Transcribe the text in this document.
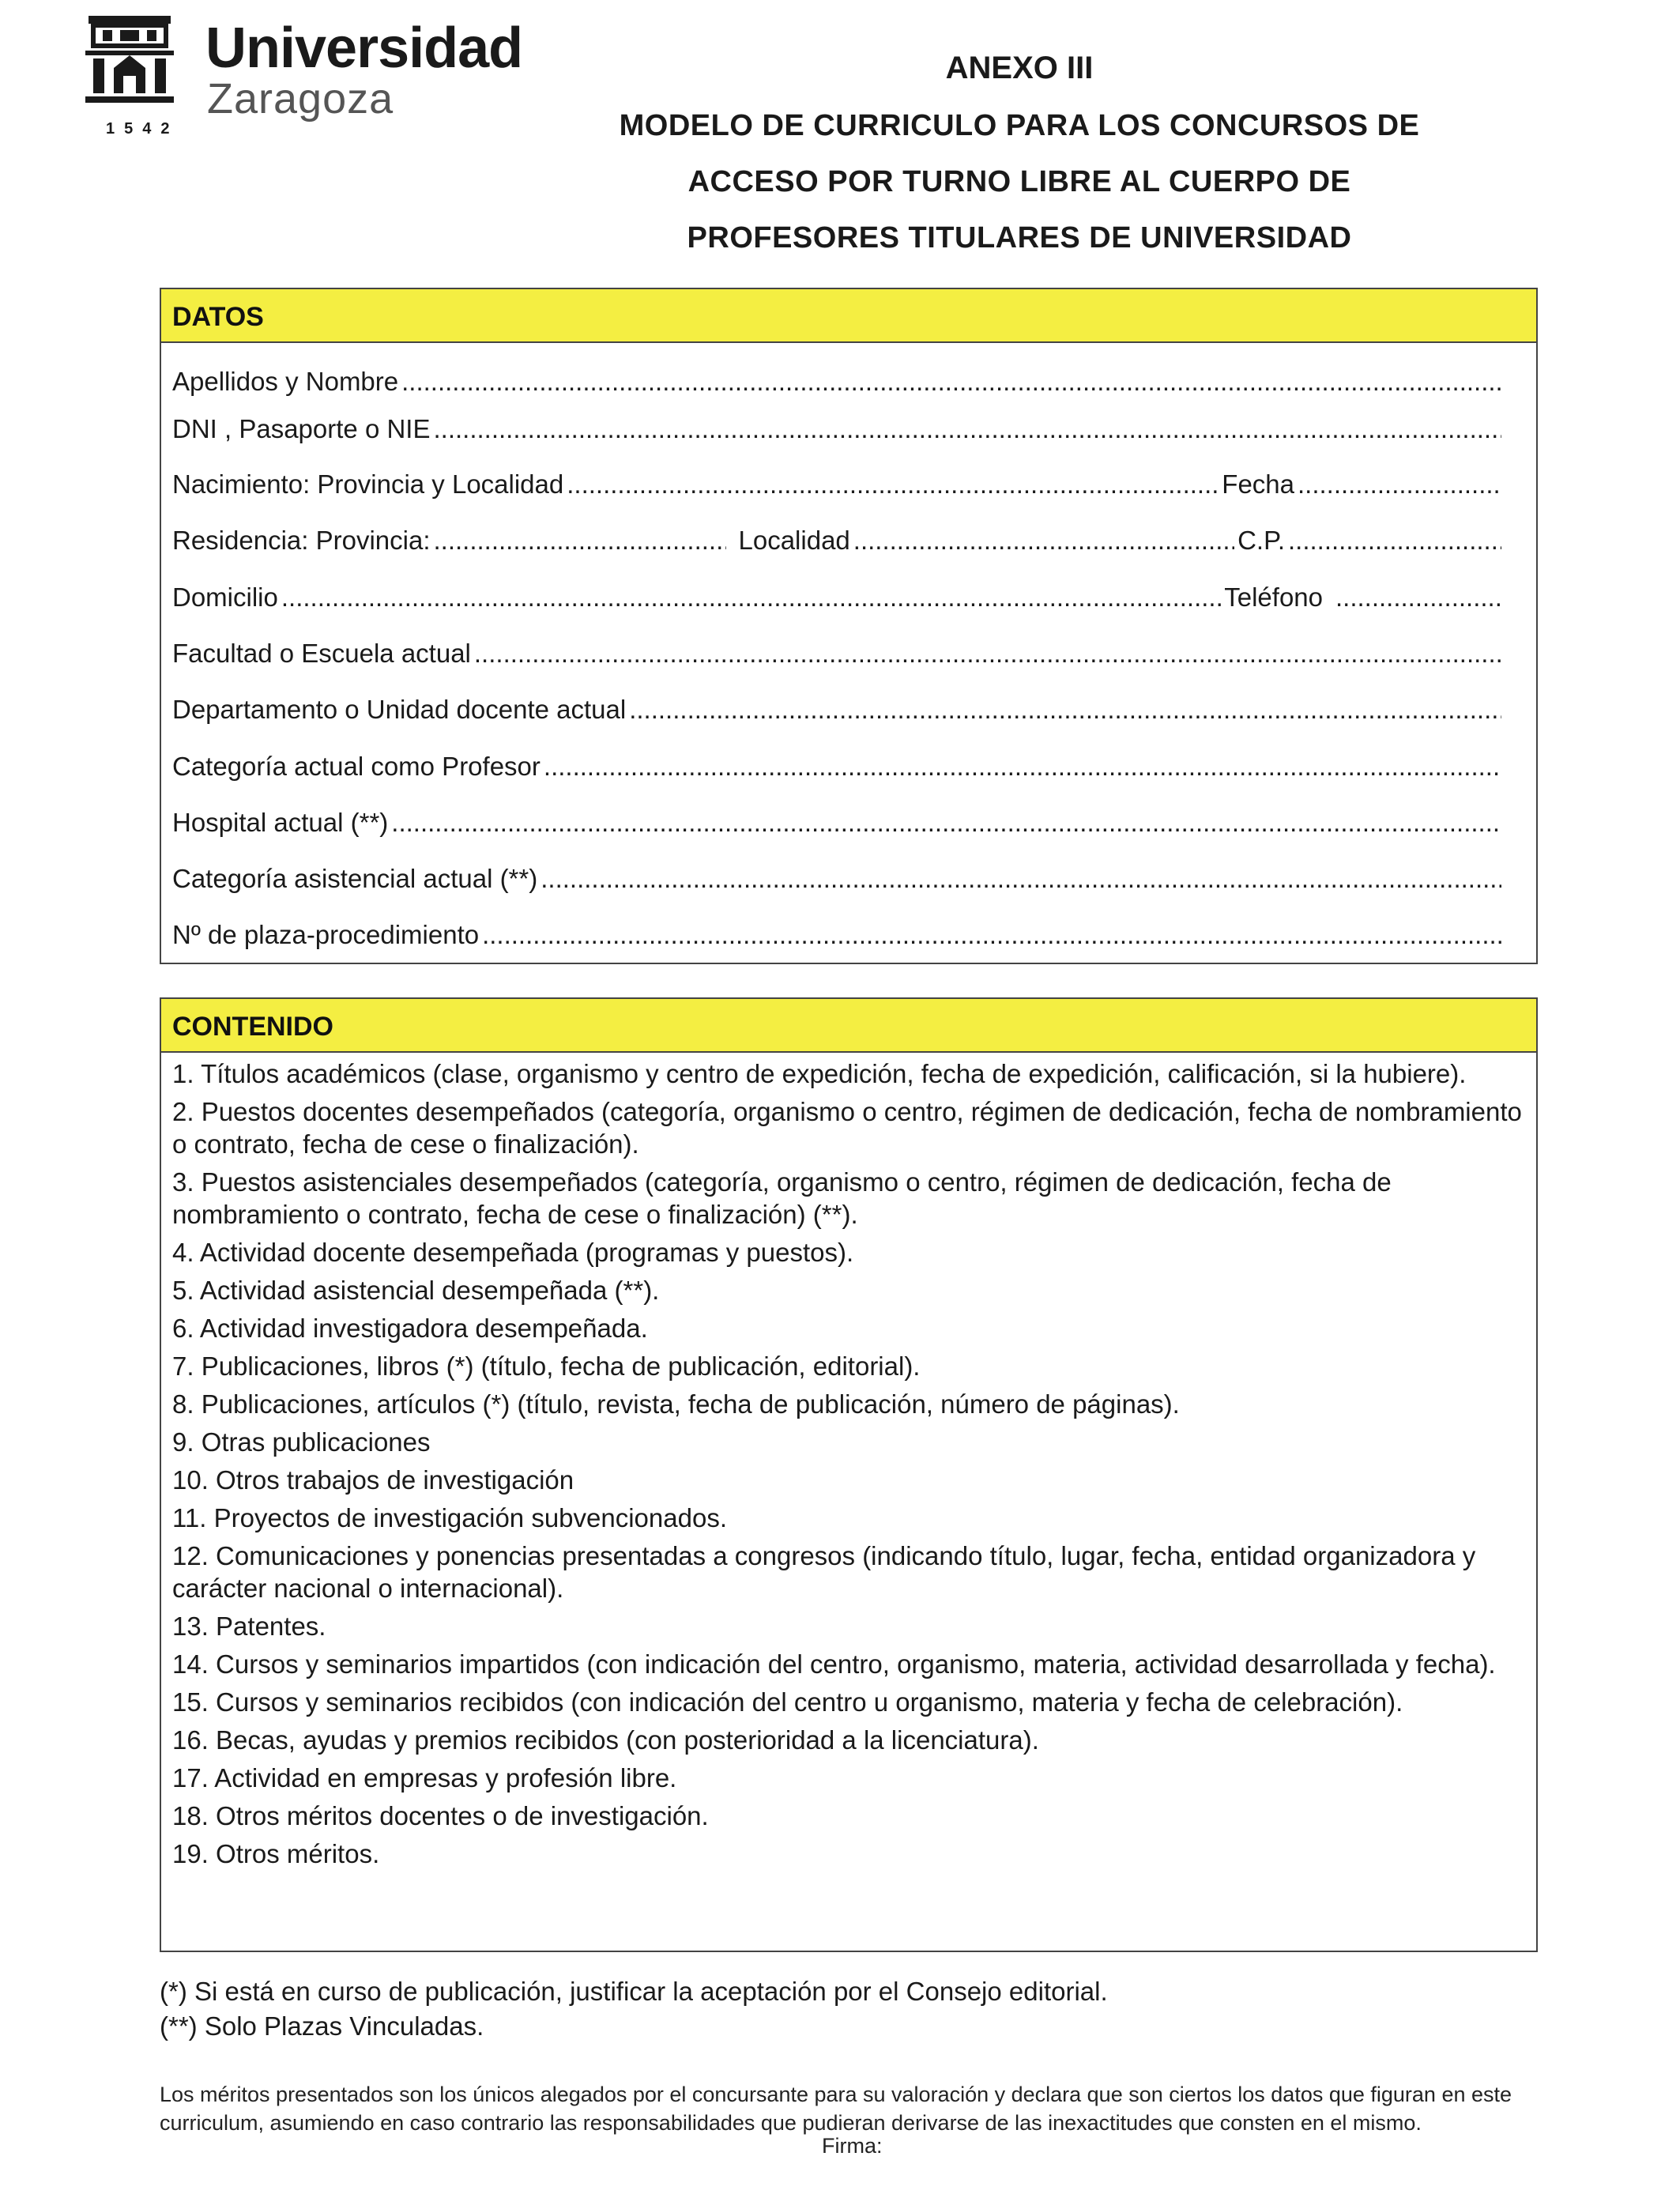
Universidad
Zaragoza
1542
ANEXO III
MODELO DE CURRICULO PARA LOS CONCURSOS DE
ACCESO POR TURNO LIBRE AL CUERPO DE
PROFESORES TITULARES DE UNIVERSIDAD
DATOS
Apellidos y Nombre
.....
DNI , Pasaporte o NIE
.....
Nacimiento: Provincia y Localidad .....	Fecha
.....
Residencia: Provincia: .....	Localidad .....	C.P.
.....
Domicilio .....	Teléfono
.....
Facultad o Escuela actual
.....
Departamento o Unidad docente actual
.....
Categoría actual como Profesor
.....
Hospital actual (**)
.....
Categoría asistencial actual (**)
.....
Nº de plaza-procedimiento
.....
CONTENIDO
1. Títulos académicos (clase, organismo y centro de expedición, fecha de expedición, calificación, si la hubiere).
2. Puestos docentes desempeñados (categoría, organismo o centro, régimen de dedicación, fecha de nombramiento o contrato, fecha de cese o finalización).
3. Puestos asistenciales desempeñados (categoría, organismo o centro, régimen de dedicación, fecha de nombramiento o contrato, fecha de cese o finalización) (**).
4. Actividad docente desempeñada (programas y puestos).
5. Actividad asistencial desempeñada (**).
6. Actividad investigadora desempeñada.
7. Publicaciones, libros (*) (título, fecha de publicación, editorial).
8. Publicaciones, artículos (*) (título, revista, fecha de publicación, número de páginas).
9. Otras publicaciones
10. Otros trabajos de investigación
11. Proyectos de investigación subvencionados.
12. Comunicaciones y ponencias presentadas a congresos (indicando título, lugar, fecha, entidad organizadora y carácter nacional o internacional).
13. Patentes.
14. Cursos y seminarios impartidos (con indicación del centro, organismo, materia, actividad desarrollada y fecha).
15. Cursos y seminarios recibidos (con indicación del centro u organismo, materia y fecha de celebración).
16. Becas, ayudas y premios recibidos (con posterioridad a la licenciatura).
17. Actividad en empresas y profesión libre.
18. Otros méritos docentes o de investigación.
19. Otros méritos.
(*) Si está en curso de publicación, justificar la aceptación por el Consejo editorial.
(**) Solo Plazas Vinculadas.
Los méritos presentados son los únicos alegados por el concursante para su valoración y declara que son ciertos los datos que figuran en este curriculum, asumiendo en caso contrario las responsabilidades que pudieran derivarse de las inexactitudes que consten en el mismo.
Firma:
